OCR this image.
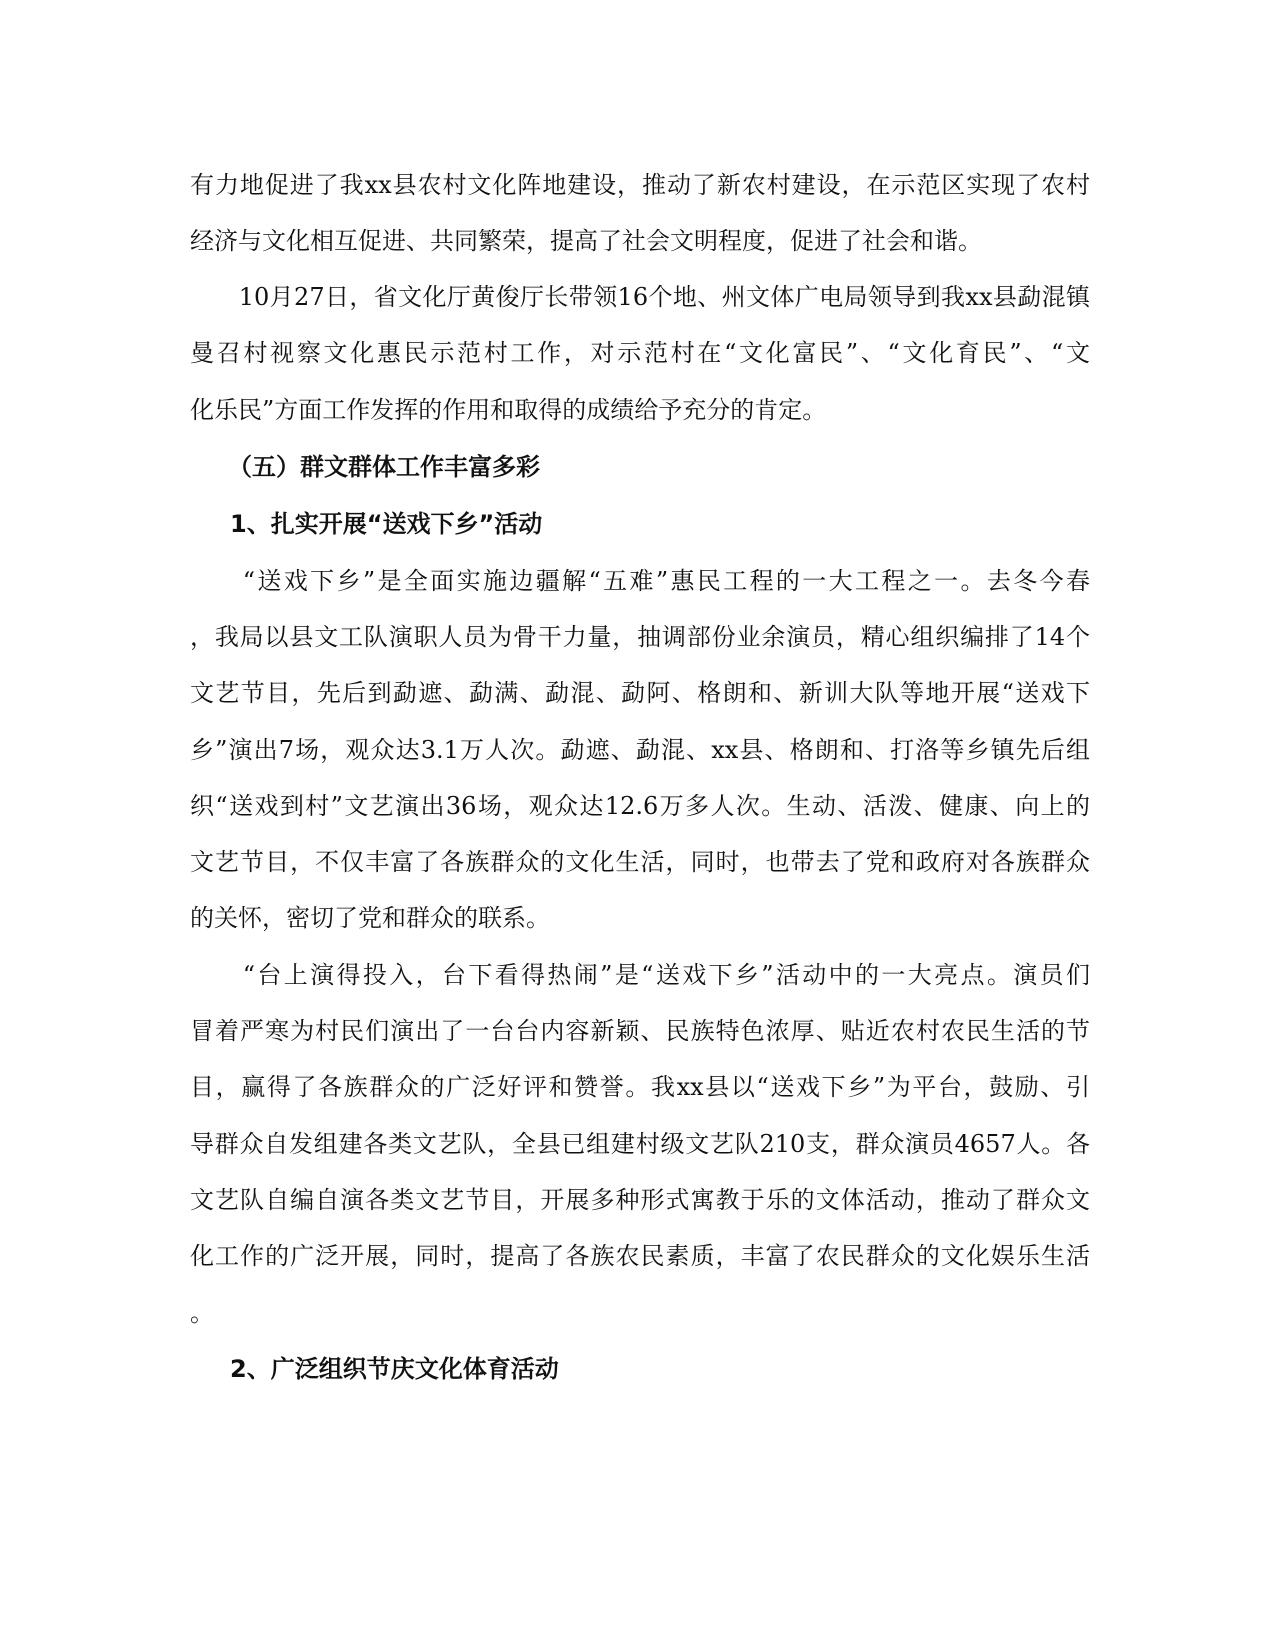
有力地促进了我xx县农村文化阵地建设，推动了新农村建设，在示范区实现了农村
经济与文化相互促进、共同繁荣，提高了社会文明程度，促进了社会和谐。
　　10月27日，省文化厅黄俊厅长带领16个地、州文体广电局领导到我xx县勐混镇
曼召村视察文化惠民示范村工作，对示范村在“文化富民”、“文化育民”、“文
化乐民”方面工作发挥的作用和取得的成绩给予充分的肯定。
（五）群文群体工作丰富多彩
1、扎实开展“送戏下乡”活动
　　“送戏下乡”是全面实施边疆解“五难”惠民工程的一大工程之一。去冬今春
，我局以县文工队演职人员为骨干力量，抽调部份业余演员，精心组织编排了14个
文艺节目，先后到勐遮、勐满、勐混、勐阿、格朗和、新训大队等地开展“送戏下
乡”演出7场，观众达3.1万人次。勐遮、勐混、xx县、格朗和、打洛等乡镇先后组
织“送戏到村”文艺演出36场，观众达12.6万多人次。生动、活泼、健康、向上的
文艺节目，不仅丰富了各族群众的文化生活，同时，也带去了党和政府对各族群众
的关怀，密切了党和群众的联系。
　　“台上演得投入，台下看得热闹”是“送戏下乡”活动中的一大亮点。演员们
冒着严寒为村民们演出了一台台内容新颖、民族特色浓厚、贴近农村农民生活的节
目，赢得了各族群众的广泛好评和赞誉。我xx县以“送戏下乡”为平台，鼓励、引
导群众自发组建各类文艺队，全县已组建村级文艺队210支，群众演员4657人。各
文艺队自编自演各类文艺节目，开展多种形式寓教于乐的文体活动，推动了群众文
化工作的广泛开展，同时，提高了各族农民素质，丰富了农民群众的文化娱乐生活
。
2、广泛组织节庆文化体育活动
